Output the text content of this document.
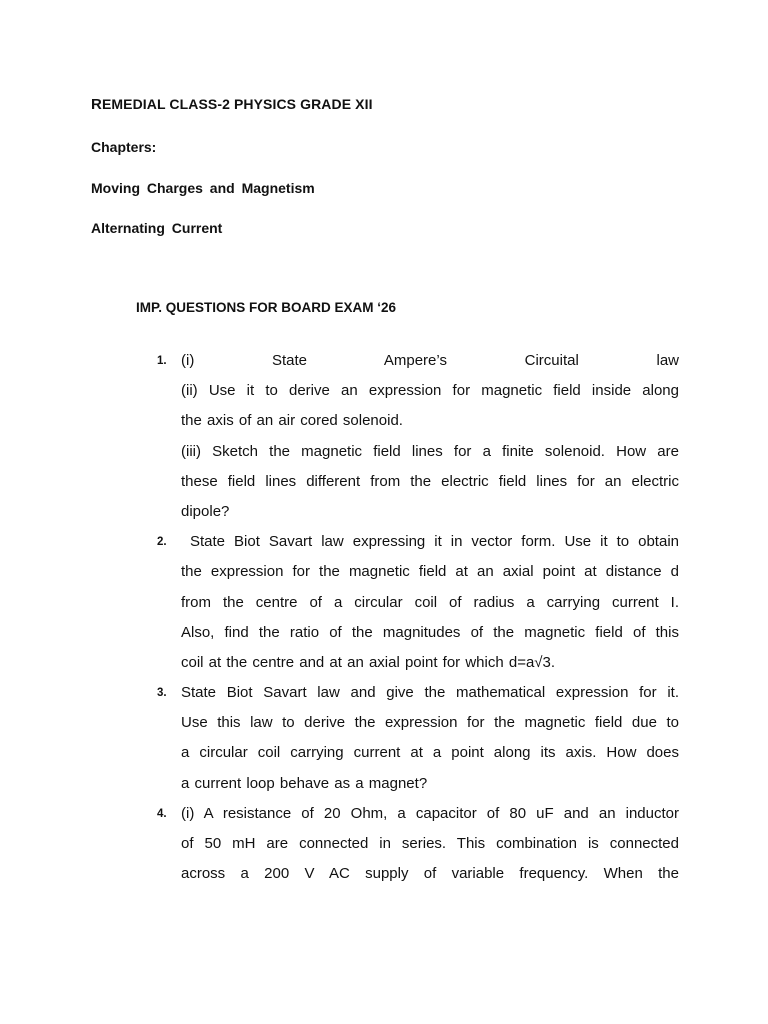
REMEDIAL CLASS-2 PHYSICS GRADE XII
Chapters:
Moving Charges and Magnetism
Alternating Current
IMP. QUESTIONS FOR BOARD EXAM ‘26
1. (i) State Ampere’s Circuital law
(ii) Use it to derive an expression for magnetic field inside along
the axis of an air cored solenoid.
(iii) Sketch the magnetic field lines for a finite solenoid. How are
these field lines different from the electric field lines for an electric
dipole?
2. State Biot Savart law expressing it in vector form. Use it to obtain
the expression for the magnetic field at an axial point at distance d
from the centre of a circular coil of radius a carrying current I.
Also, find the ratio of the magnitudes of the magnetic field of this
coil at the centre and at an axial point for which d=a√3.
3. State Biot Savart law and give the mathematical expression for it.
Use this law to derive the expression for the magnetic field due to
a circular coil carrying current at a point along its axis. How does
a current loop behave as a magnet?
4. (i) A resistance of 20 Ohm, a capacitor of 80 uF and an inductor
of 50 mH are connected in series. This combination is connected
across a 200 V AC supply of variable frequency. When the
